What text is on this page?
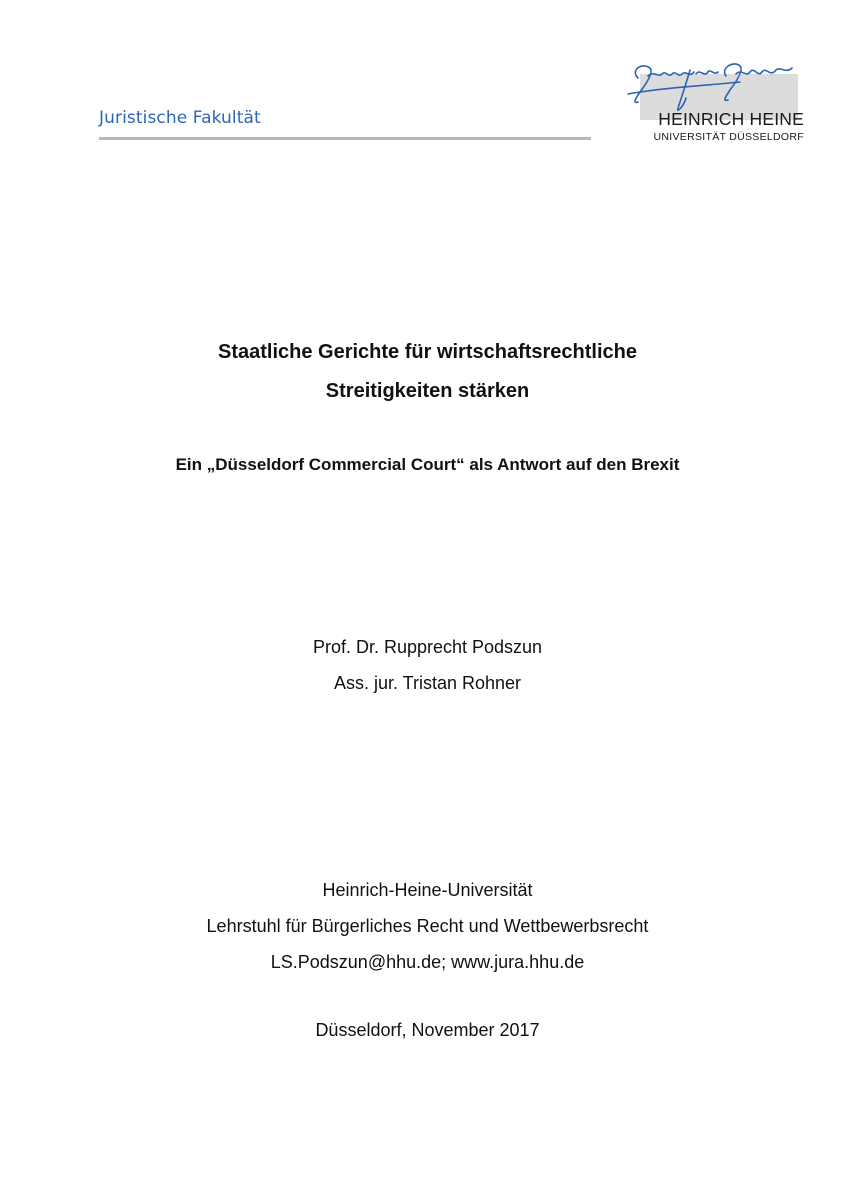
Juristische Fakultät	HEINRICH HEINE
UNIVERSITÄT DÜSSELDORF
Staatliche Gerichte für wirtschaftsrechtliche
Streitigkeiten stärken
Ein „Düsseldorf Commercial Court“ als Antwort auf den Brexit
Prof. Dr. Rupprecht Podszun
Ass. jur. Tristan Rohner
Heinrich-Heine-Universität
Lehrstuhl für Bürgerliches Recht und Wettbewerbsrecht
LS.Podszun@hhu.de; www.jura.hhu.de
Düsseldorf, November 2017
